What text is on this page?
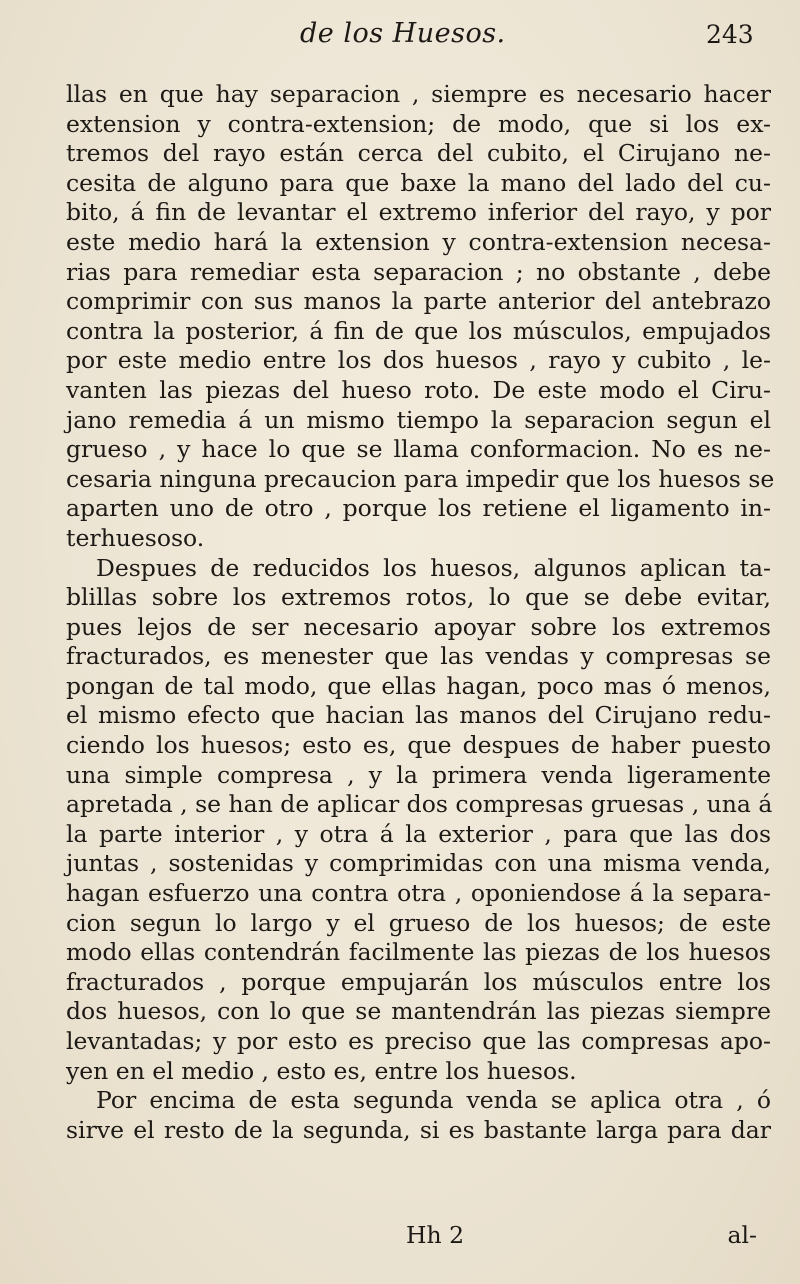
de los Huesos.	243
llas en que hay separacion , siempre es necesario hacer
extension y contra-extension; de modo, que si los ex-
tremos del rayo están cerca del cubito, el Cirujano ne-
cesita de alguno para que baxe la mano del lado del cu-
bito, á fin de levantar el extremo inferior del rayo, y por
este medio hará la extension y contra-extension necesa-
rias para remediar esta separacion ; no obstante , debe
comprimir con sus manos la parte anterior del antebrazo
contra la posterior, á fin de que los músculos, empujados
por este medio entre los dos huesos , rayo y cubito , le-
vanten las piezas del hueso roto. De este modo el Ciru-
jano remedia á un mismo tiempo la separacion segun el
grueso , y hace lo que se llama conformacion. No es ne-
cesaria ninguna precaucion para impedir que los huesos se
aparten uno de otro , porque los retiene el ligamento in-
terhuesoso.
Despues de reducidos los huesos, algunos aplican ta-
blillas sobre los extremos rotos, lo que se debe evitar,
pues lejos de ser necesario apoyar sobre los extremos
fracturados, es menester que las vendas y compresas se
pongan de tal modo, que ellas hagan, poco mas ó menos,
el mismo efecto que hacian las manos del Cirujano redu-
ciendo los huesos; esto es, que despues de haber puesto
una simple compresa , y la primera venda ligeramente
apretada , se han de aplicar dos compresas gruesas , una á
la parte interior , y otra á la exterior , para que las dos
juntas , sostenidas y comprimidas con una misma venda,
hagan esfuerzo una contra otra , oponiendose á la separa-
cion segun lo largo y el grueso de los huesos; de este
modo ellas contendrán facilmente las piezas de los huesos
fracturados , porque empujarán los músculos entre los
dos huesos, con lo que se mantendrán las piezas siempre
levantadas; y por esto es preciso que las compresas apo-
yen en el medio , esto es, entre los huesos.
Por encima de esta segunda venda se aplica otra , ó
sirve el resto de la segunda, si es bastante larga para dar
Hh 2	al-
